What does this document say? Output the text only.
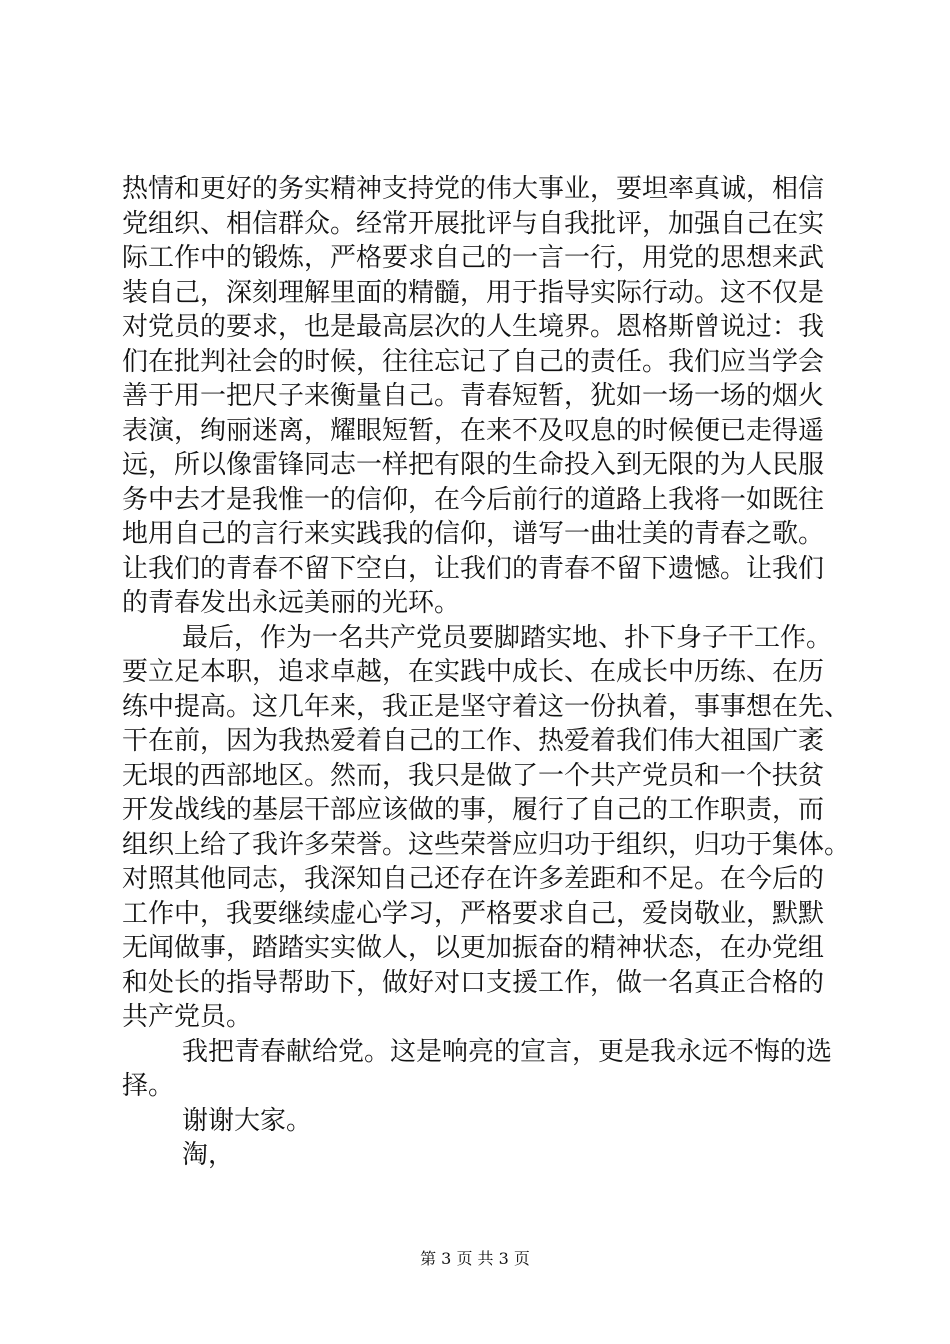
热情和更好的务实精神支持党的伟大事业，要坦率真诚，相信
党组织、相信群众。经常开展批评与自我批评，加强自己在实
际工作中的锻炼，严格要求自己的一言一行，用党的思想来武
装自己，深刻理解里面的精髓，用于指导实际行动。这不仅是
对党员的要求，也是最高层次的人生境界。恩格斯曾说过：我
们在批判社会的时候，往往忘记了自己的责任。我们应当学会
善于用一把尺子来衡量自己。青春短暂，犹如一场一场的烟火
表演，绚丽迷离，耀眼短暂，在来不及叹息的时候便已走得遥
远，所以像雷锋同志一样把有限的生命投入到无限的为人民服
务中去才是我惟一的信仰，在今后前行的道路上我将一如既往
地用自己的言行来实践我的信仰，谱写一曲壮美的青春之歌。
让我们的青春不留下空白，让我们的青春不留下遗憾。让我们
的青春发出永远美丽的光环。
最后，作为一名共产党员要脚踏实地、扑下身子干工作。
要立足本职，追求卓越，在实践中成长、在成长中历练、在历
练中提高。这几年来，我正是坚守着这一份执着，事事想在先、
干在前，因为我热爱着自己的工作、热爱着我们伟大祖国广袤
无垠的西部地区。然而，我只是做了一个共产党员和一个扶贫
开发战线的基层干部应该做的事，履行了自己的工作职责，而
组织上给了我许多荣誉。这些荣誉应归功于组织，归功于集体。
对照其他同志，我深知自己还存在许多差距和不足。在今后的
工作中，我要继续虚心学习，严格要求自己，爱岗敬业，默默
无闻做事，踏踏实实做人，以更加振奋的精神状态，在办党组
和处长的指导帮助下，做好对口支援工作，做一名真正合格的
共产党员。
我把青春献给党。这是响亮的宣言，更是我永远不悔的选
择。
谢谢大家。
淘，
第 3 页 共 3 页
